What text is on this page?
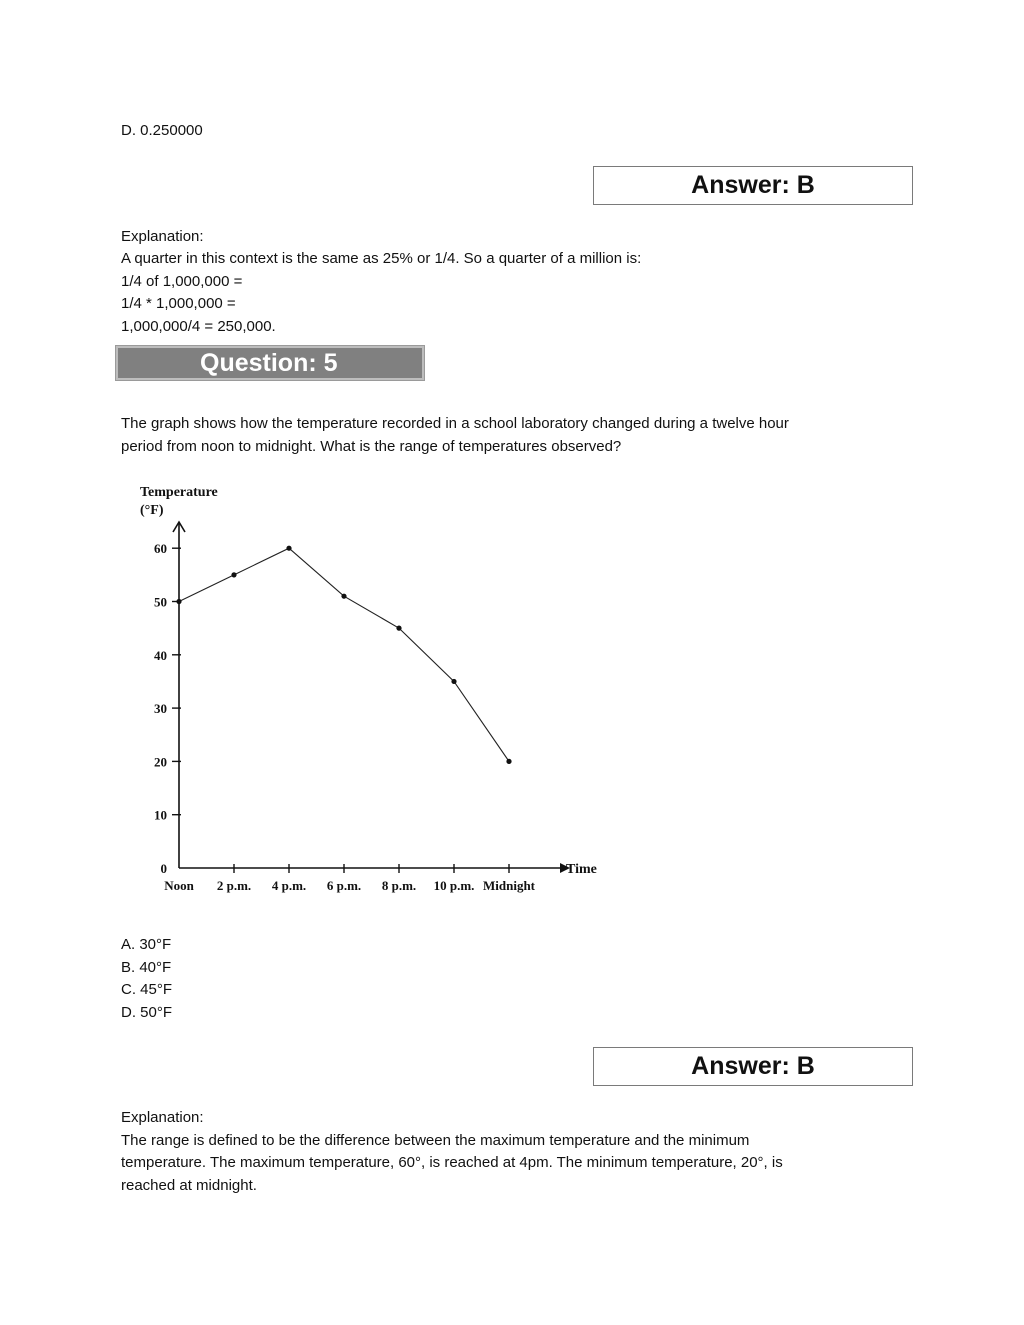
D. 0.250000
Answer: B
Explanation:
A quarter in this context is the same as 25% or 1/4. So a quarter of a million is:
1/4 of 1,000,000 =
1/4 * 1,000,000 =
1,000,000/4 = 250,000.
Question: 5
The graph shows how the temperature recorded in a school laboratory changed during a twelve hour
period from noon to midnight. What is the range of temperatures observed?
Temperature
(°F)
0
10
20
30
40
50
60
Noon 2 p.m. 4 p.m. 6 p.m. 8 p.m. 10 p.m. Midnight
Time
A. 30°F
B. 40°F
C. 45°F
D. 50°F
Answer: B
Explanation:
The range is defined to be the difference between the maximum temperature and the minimum
temperature. The maximum temperature, 60°, is reached at 4pm. The minimum temperature, 20°, is
reached at midnight.
